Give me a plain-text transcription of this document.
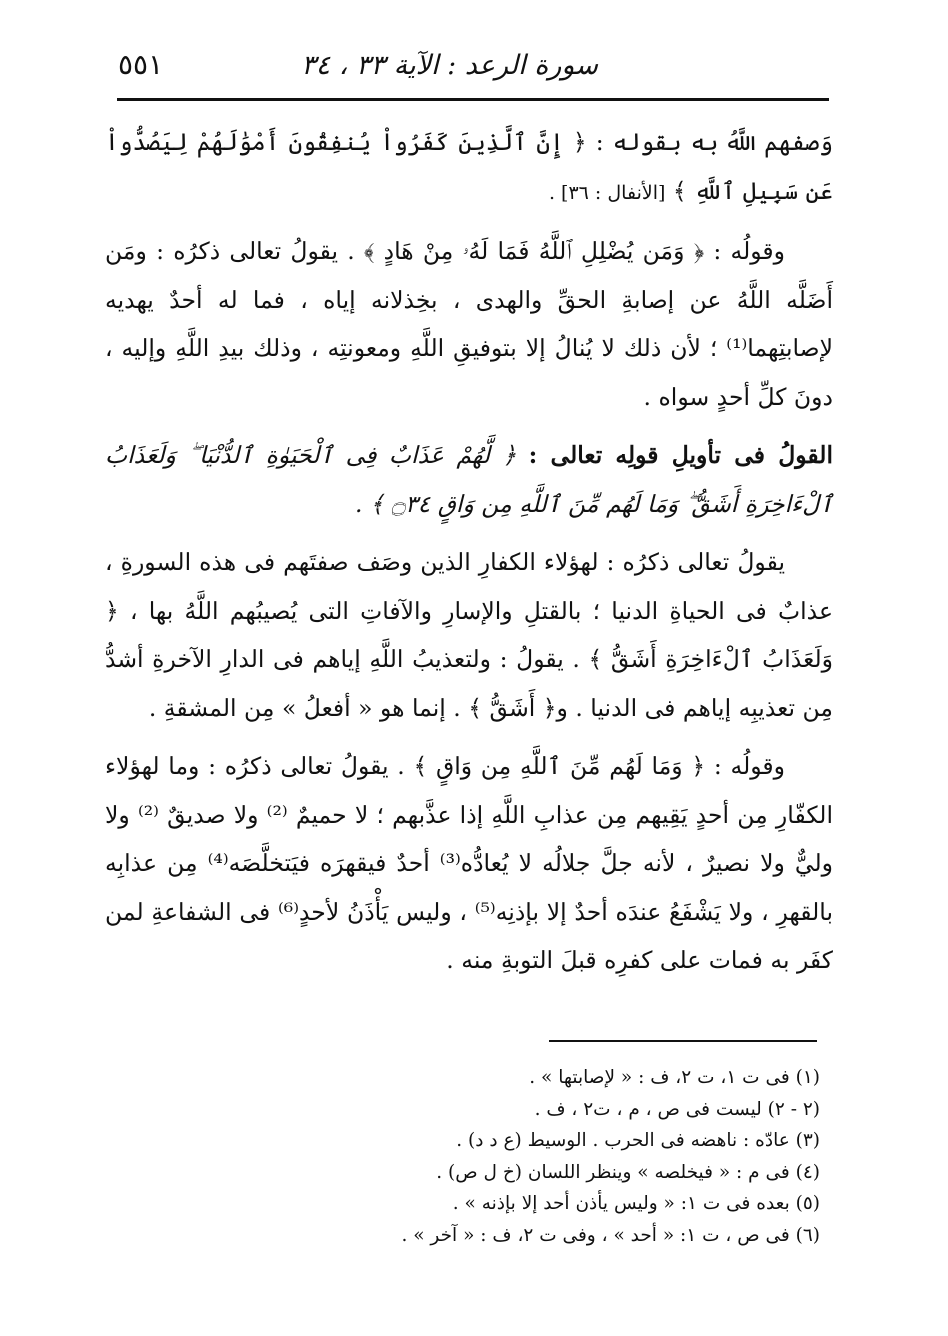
سورة الرعد : الآية ٣٣ ، ٣٤
٥٥١

وَصفهم اللَّهُ به بقوله : ﴿ إِنَّ ٱلَّذِينَ كَفَرُواْ يُنفِقُونَ أَمْوَٰلَهُمْ لِيَصُدُّواْ عَن سَبِيلِ ٱللَّهِ ﴾ [الأنفال : ٣٦] .

وقولُه : ﴿ وَمَن يُضْلِلِ ٱللَّهُ فَمَا لَهُۥ مِنْ هَادٍ ﴾ . يقولُ تعالى ذكرُه : ومَن أَضَلَّه اللَّهُ عن إصابةِ الحقِّ والهدى ، بخِذلانه إياه ، فما له أحدٌ يهديه لإصابتِهما⁽¹⁾ ؛ لأن ذلك لا يُنالُ إلا بتوفيقِ اللَّهِ ومعونتِه ، وذلك بيدِ اللَّهِ وإليه ، دونَ كلِّ أحدٍ سواه .

القولُ فى تأويلِ قولِه تعالى : ﴿ لَّهُمْ عَذَابٌ فِى ٱلْحَيَوٰةِ ٱلدُّنْيَا ۖ وَلَعَذَابُ ٱلْءَاخِرَةِ أَشَقُّ ۖ وَمَا لَهُم مِّنَ ٱللَّهِ مِن وَاقٍ ۝٣٤ ﴾ .

يقولُ تعالى ذكرُه : لهؤلاء الكفارِ الذين وصَف صفتَهم فى هذه السورةِ ، عذابٌ فى الحياةِ الدنيا ؛ بالقتلِ والإسارِ والآفاتِ التى يُصيبُهم اللَّهُ بها ، ﴿ وَلَعَذَابُ ٱلْءَاخِرَةِ أَشَقُّ ﴾ . يقولُ : ولتعذيبُ اللَّهِ إياهم فى الدارِ الآخرةِ أشدُّ مِن تعذيبِه إياهم فى الدنيا . و﴿ أَشَقُّ ﴾ . إنما هو « أفعلُ » مِن المشقةِ .

وقولُه : ﴿ وَمَا لَهُم مِّنَ ٱللَّهِ مِن وَاقٍ ﴾ . يقولُ تعالى ذكرُه : وما لهؤلاء الكفّارِ مِن أحدٍ يَقِيهم مِن عذابِ اللَّهِ إذا عذَّبهم ؛ لا حميمٌ ⁽²⁾ ولا صديقٌ ⁽²⁾ ولا وليٌّ ولا نصيرٌ ، لأنه جلَّ جلالُه لا يُعادُّه⁽³⁾ أحدٌ فيقهرَه فيَتخلَّصَه⁽⁴⁾ مِن عذابِه بالقهرِ ، ولا يَشْفَعُ عندَه أحدٌ إلا بإذنِه⁽⁵⁾ ، وليس يَأْذَنُ لأحدٍ⁽⁶⁾ فى الشفاعةِ لمن كفَر به فمات على كفرِه قبلَ التوبةِ منه .

(١) فى ت ١، ت ٢، ف : « لإصابتها » .

(٢ - ٢) ليست فى ص ، م ، ت٢ ، ف .

(٣) عادّه : ناهضه فى الحرب . الوسيط (ع د د) .

(٤) فى م : « فيخلصه » وينظر اللسان (خ ل ص) .

(٥) بعده فى ت ١: « وليس يأذن أحد إلا بإذنه » .

(٦) فى ص ، ت ١: « أحد » ، وفى ت ٢، ف : « آخر » .
